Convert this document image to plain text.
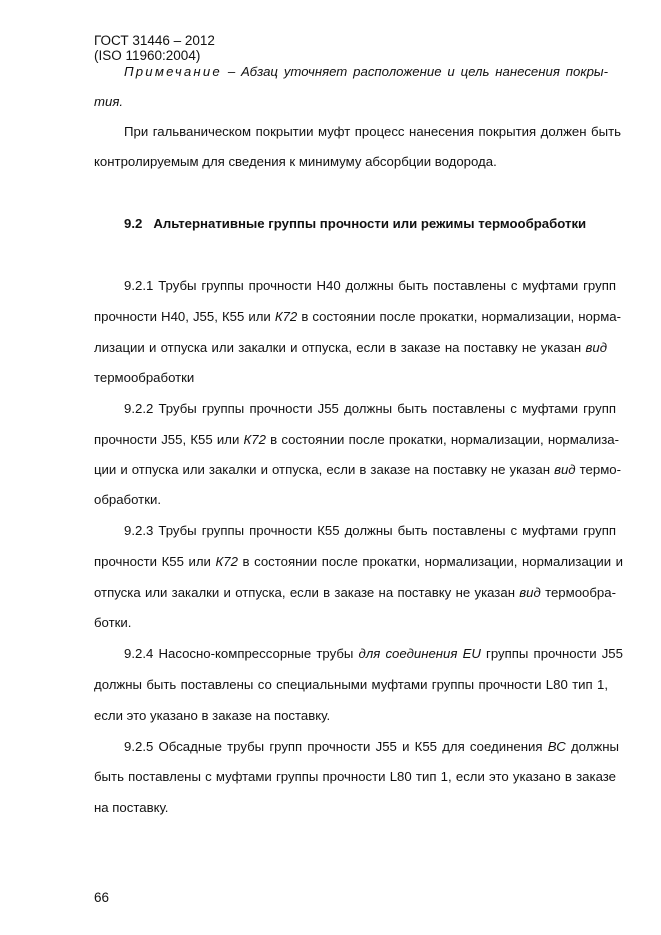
ГОСТ 31446 – 2012
(ISO 11960:2004)
Примечание – Абзац уточняет расположение и цель нанесения покры-
тия.
При гальваническом покрытии муфт процесс нанесения покрытия должен быть
контролируемым для сведения к минимуму абсорбции водорода.
9.2 Альтернативные группы прочности или режимы термообработки
9.2.1 Трубы группы прочности Н40 должны быть поставлены с муфтами групп
прочности Н40, J55, К55 или К72 в состоянии после прокатки, нормализации, норма-
лизации и отпуска или закалки и отпуска, если в заказе на поставку не указан вид
термообработки
9.2.2 Трубы группы прочности J55 должны быть поставлены с муфтами групп
прочности J55, К55 или К72 в состоянии после прокатки, нормализации, нормализа-
ции и отпуска или закалки и отпуска, если в заказе на поставку не указан вид термо-
обработки.
9.2.3 Трубы группы прочности К55 должны быть поставлены с муфтами групп
прочности К55 или К72 в состоянии после прокатки, нормализации, нормализации и
отпуска или закалки и отпуска, если в заказе на поставку не указан вид термообра-
ботки.
9.2.4 Насосно-компрессорные трубы для соединения EU группы прочности J55
должны быть поставлены со специальными муфтами группы прочности L80 тип 1,
если это указано в заказе на поставку.
9.2.5 Обсадные трубы групп прочности J55 и К55 для соединения ВС должны
быть поставлены с муфтами группы прочности L80 тип 1, если это указано в заказе
на поставку.
66
